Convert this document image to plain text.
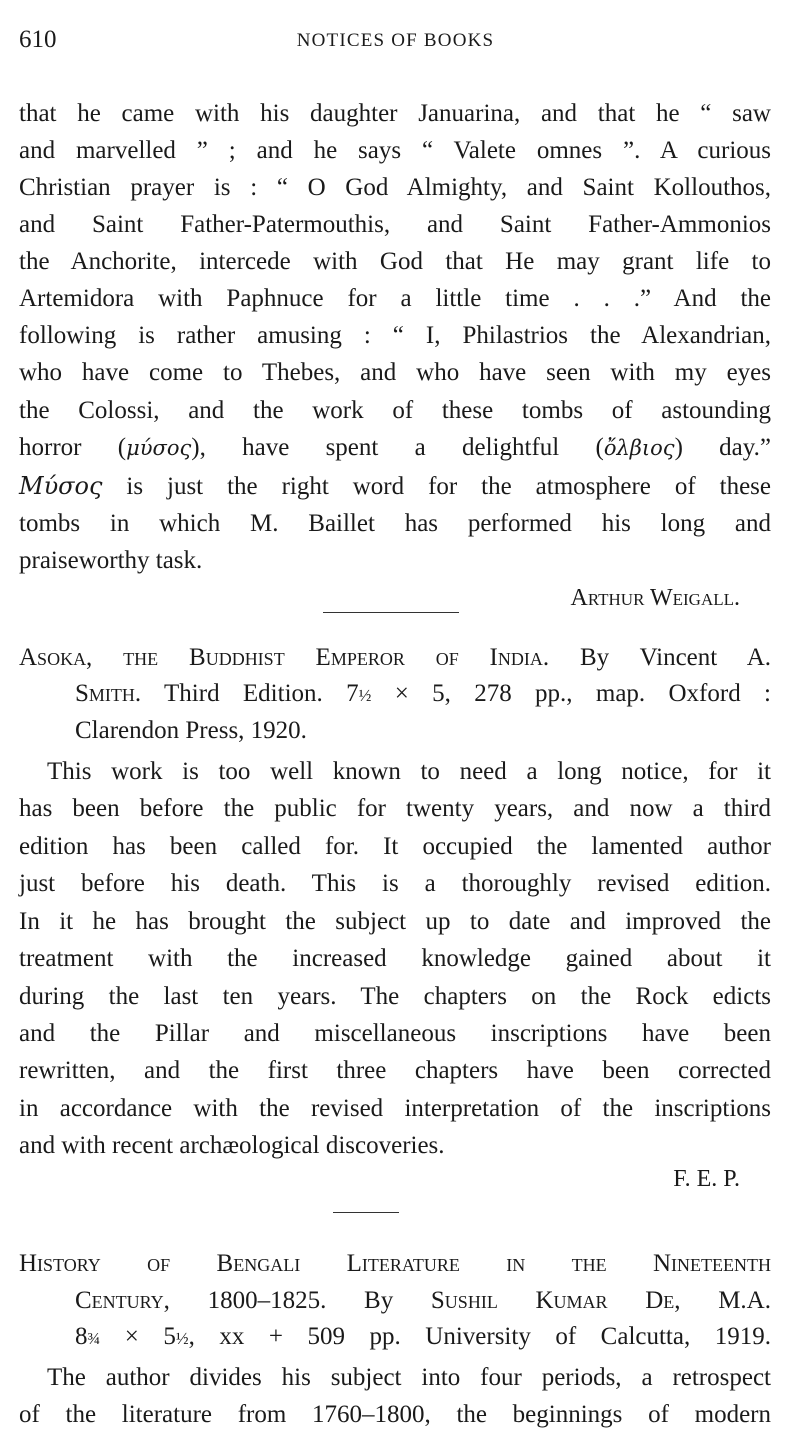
610	NOTICES OF BOOKS
that he came with his daughter Januarina, and that he “ saw
and marvelled ” ; and he says “ Valete omnes ”. A curious
Christian prayer is : “ O God Almighty, and Saint Kollouthos,
and Saint Father-Patermouthis, and Saint Father-Ammonios
the Anchorite, intercede with God that He may grant life to
Artemidora with Paphnuce for a little time . . .” And the
following is rather amusing : “ I, Philastrios the Alexandrian,
who have come to Thebes, and who have seen with my eyes
the Colossi, and the work of these tombs of astounding
horror (μύσος), have spent a delightful (ὄλβιος) day.”
Μύσος is just the right word for the atmosphere of these
tombs in which M. Baillet has performed his long and
praiseworthy task.
Arthur Weigall.
Asoka, the Buddhist Emperor of India. By Vincent A.
Smith. Third Edition. 7½ × 5, 278 pp., map. Oxford :
Clarendon Press, 1920.
This work is too well known to need a long notice, for it
has been before the public for twenty years, and now a third
edition has been called for. It occupied the lamented author
just before his death. This is a thoroughly revised edition.
In it he has brought the subject up to date and improved the
treatment with the increased knowledge gained about it
during the last ten years. The chapters on the Rock edicts
and the Pillar and miscellaneous inscriptions have been
rewritten, and the first three chapters have been corrected
in accordance with the revised interpretation of the inscriptions
and with recent archæological discoveries.
F. E. P.
History of Bengali Literature in the Nineteenth
Century, 1800–1825. By Sushil Kumar De, M.A.
8¾ × 5½, xx + 509 pp. University of Calcutta, 1919.
The author divides his subject into four periods, a retrospect
of the literature from 1760–1800, the beginnings of modern
